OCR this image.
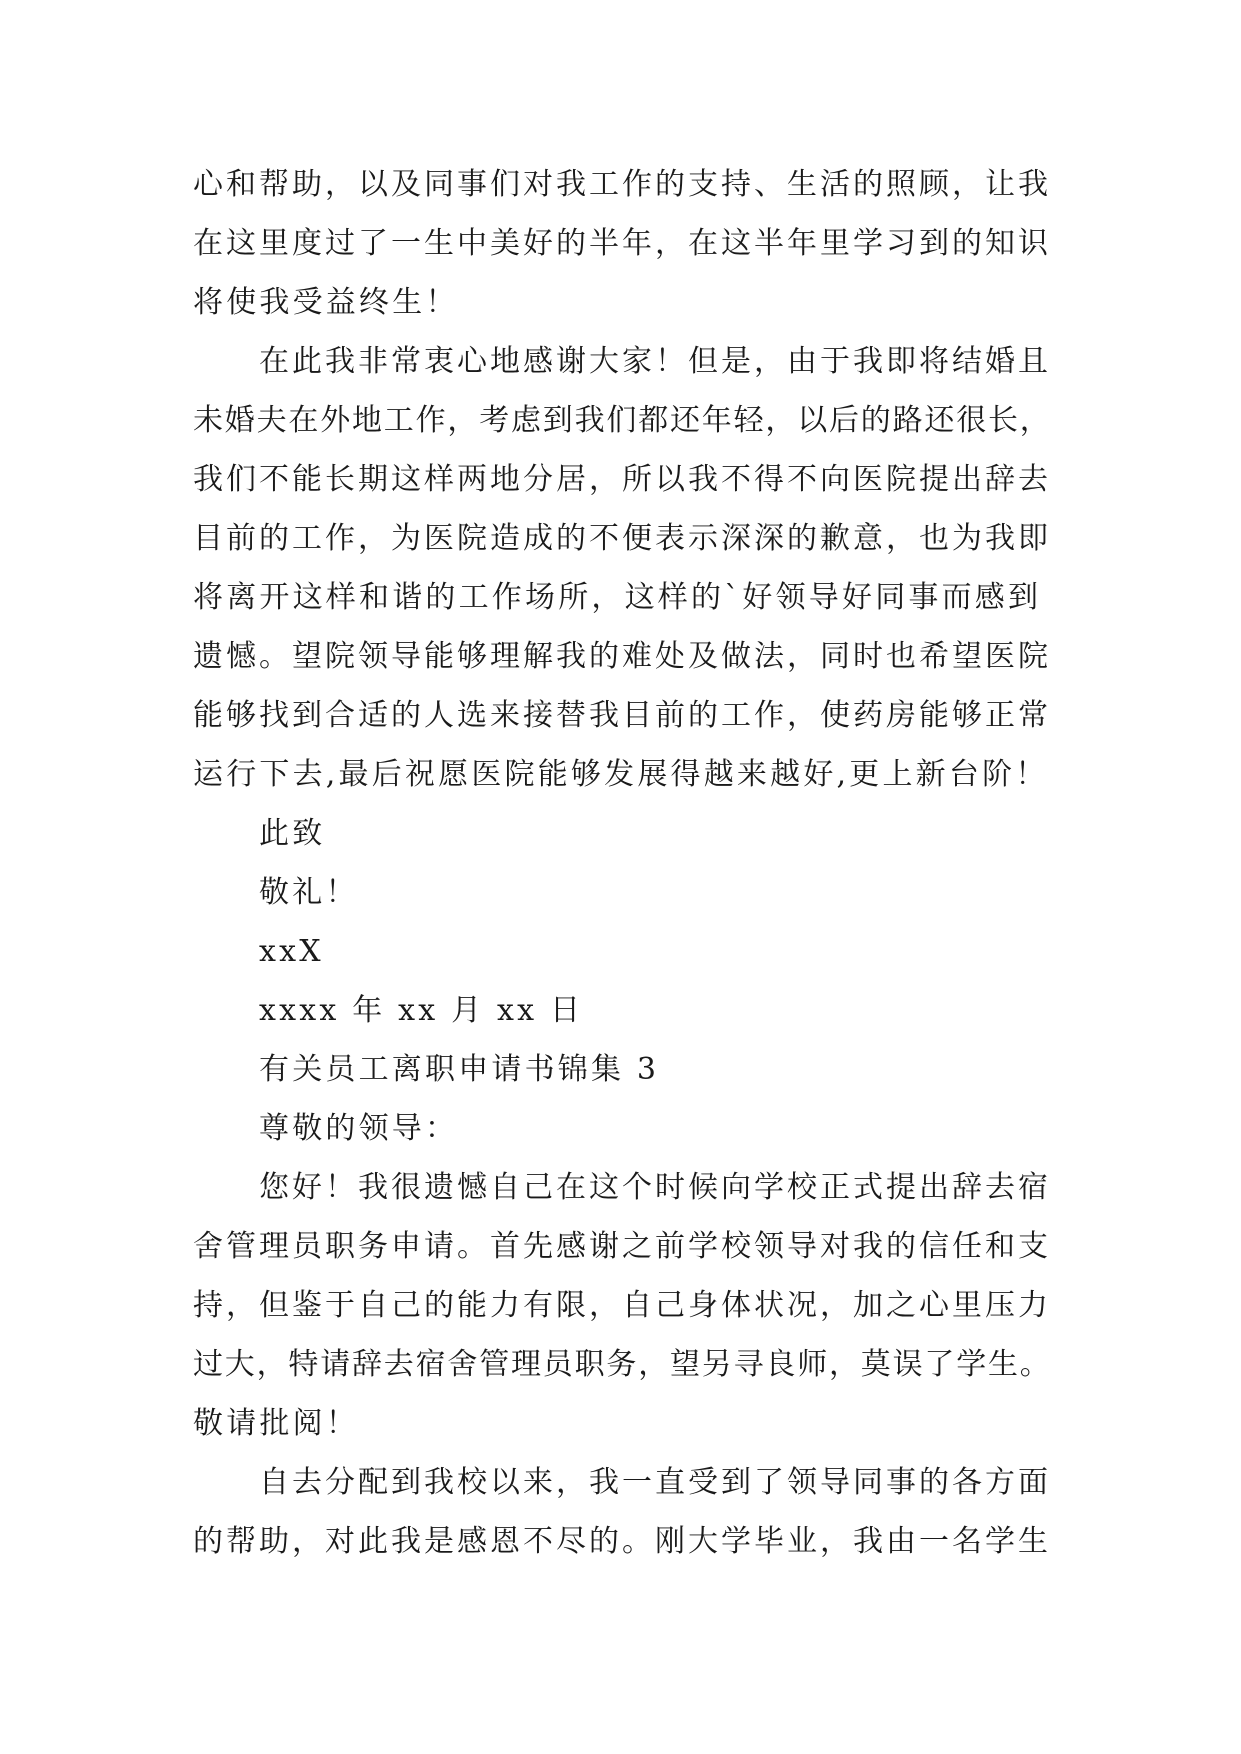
心和帮助，以及同事们对我工作的支持、生活的照顾，让我
在这里度过了一生中美好的半年，在这半年里学习到的知识
将使我受益终生！
在此我非常衷心地感谢大家！但是，由于我即将结婚且
未婚夫在外地工作，考虑到我们都还年轻，以后的路还很长，
我们不能长期这样两地分居，所以我不得不向医院提出辞去
目前的工作，为医院造成的不便表示深深的歉意，也为我即
将离开这样和谐的工作场所，这样的`好领导好同事而感到
遗憾。望院领导能够理解我的难处及做法，同时也希望医院
能够找到合适的人选来接替我目前的工作，使药房能够正常
运行下去,最后祝愿医院能够发展得越来越好,更上新台阶！
此致
敬礼！
xxX
xxxx 年 xx 月 xx 日
有关员工离职申请书锦集 3
尊敬的领导：
您好！我很遗憾自己在这个时候向学校正式提出辞去宿
舍管理员职务申请。首先感谢之前学校领导对我的信任和支
持，但鉴于自己的能力有限，自己身体状况，加之心里压力
过大，特请辞去宿舍管理员职务，望另寻良师，莫误了学生。
敬请批阅！
自去分配到我校以来，我一直受到了领导同事的各方面
的帮助，对此我是感恩不尽的。刚大学毕业，我由一名学生
